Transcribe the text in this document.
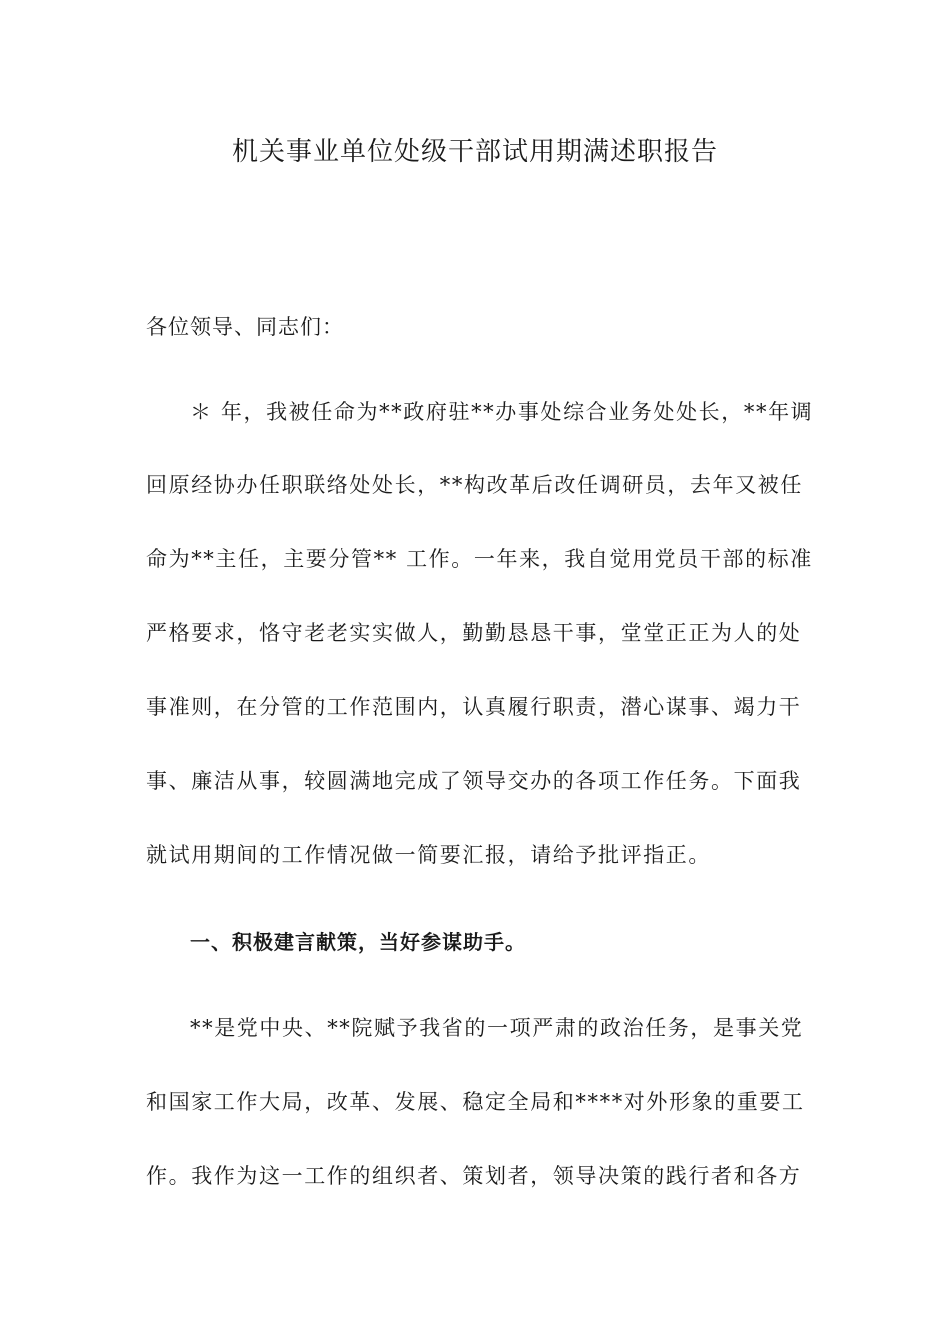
机关事业单位处级干部试用期满述职报告

各位领导、同志们：

＊ 年，我被任命为**政府驻**办事处综合业务处处长，**年调

回原经协办任职联络处处长，**构改革后改任调研员，去年又被任

命为**主任，主要分管** 工作。一年来，我自觉用党员干部的标准

严格要求，恪守老老实实做人，勤勤恳恳干事，堂堂正正为人的处

事准则，在分管的工作范围内，认真履行职责，潜心谋事、竭力干

事、廉洁从事，较圆满地完成了领导交办的各项工作任务。下面我

就试用期间的工作情况做一简要汇报，请给予批评指正。

一、积极建言献策，当好参谋助手。

**是党中央、**院赋予我省的一项严肃的政治任务，是事关党

和国家工作大局，改革、发展、稳定全局和****对外形象的重要工

作。我作为这一工作的组织者、策划者，领导决策的践行者和各方
